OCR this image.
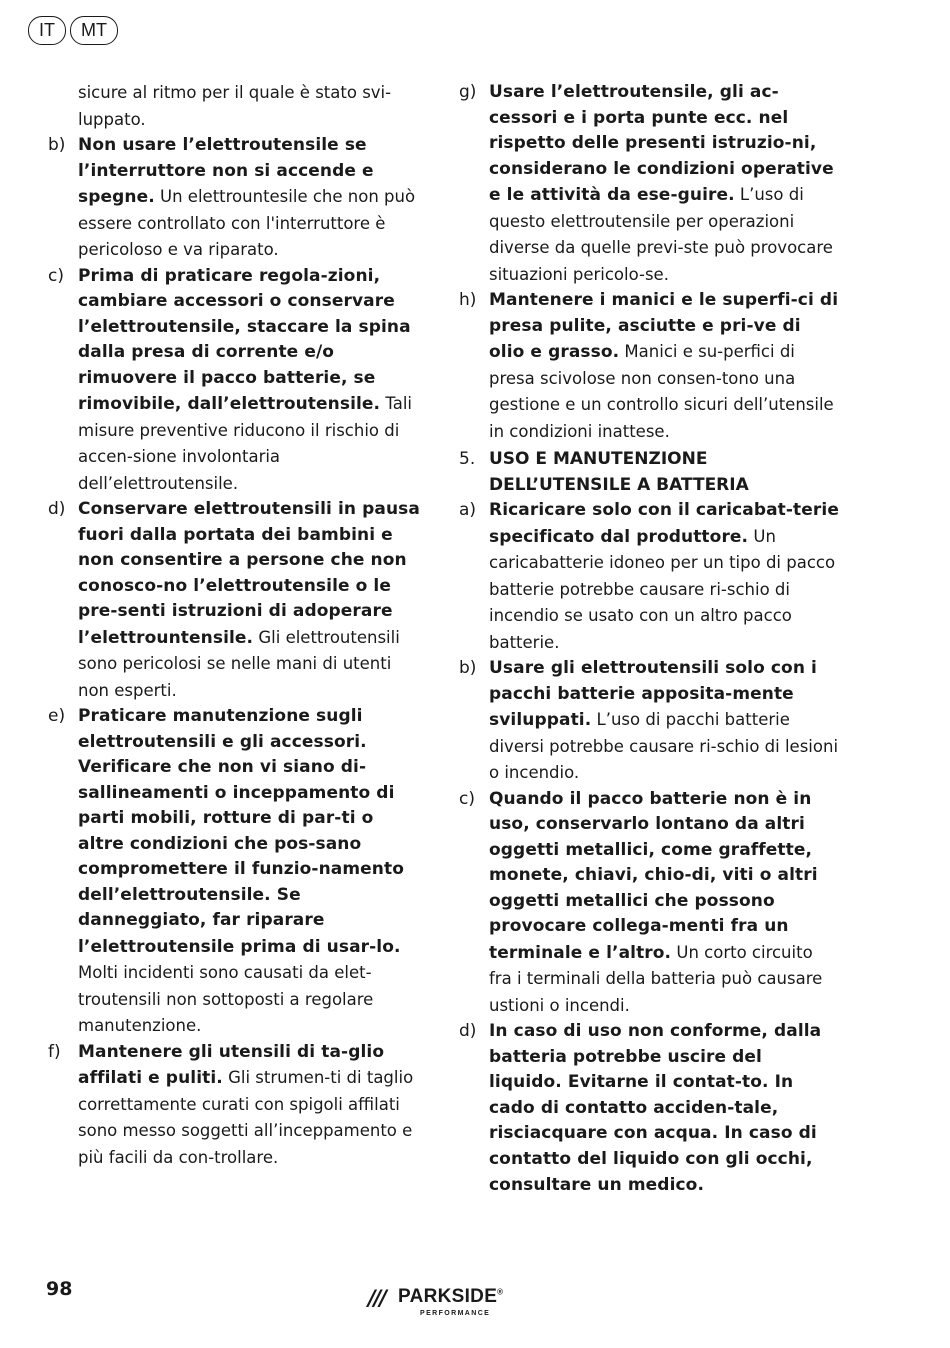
IT	MT
sicure al ritmo per il quale è stato svi-luppato.
b) Non usare l’elettroutensile se l’interruttore non si accende e spegne. Un elettrountesile che non può essere controllato con l'interruttore è pericoloso e va riparato.
c) Prima di praticare regola-zioni, cambiare accessori o conservare l’elettroutensile, staccare la spina dalla presa di corrente e/o rimuovere il pacco batterie, se rimovibile, dall’elettroutensile. Tali misure preventive riducono il rischio di accen-sione involontaria dell’elettroutensile.
d) Conservare elettroutensili in pausa fuori dalla portata dei bambini e non consentire a persone che non conosco-no l’elettroutensile o le pre-senti istruzioni di adoperare l’elettrountensile. Gli elettroutensili sono pericolosi se nelle mani di utenti non esperti.
e) Praticare manutenzione sugli elettroutensili e gli accessori. Verificare che non vi siano di-sallineamenti o inceppamento di parti mobili, rotture di par-ti o altre condizioni che pos-sano compromettere il funzio-namento dell’elettroutensile. Se danneggiato, far riparare l’elettroutensile prima di usar-lo. Molti incidenti sono causati da elet-troutensili non sottoposti a regolare manutenzione.
f) Mantenere gli utensili di ta-glio affilati e puliti. Gli strumen-ti di taglio correttamente curati con spigoli affilati sono messo soggetti all’inceppamento e più facili da con-trollare.
g) Usare l’elettroutensile, gli ac-cessori e i porta punte ecc. nel rispetto delle presenti istruzio-ni, considerano le condizioni operative e le attività da ese-guire. L’uso di questo elettroutensile per operazioni diverse da quelle previ-ste può provocare situazioni pericolo-se.
h) Mantenere i manici e le superfi-ci di presa pulite, asciutte e pri-ve di olio e grasso. Manici e su-perfici di presa scivolose non consen-tono una gestione e un controllo sicuri dell’utensile in condizioni inattese.
5. USO E MANUTENZIONE DELL’UTENSILE A BATTERIA
a) Ricaricare solo con il caricabat-terie specificato dal produttore. Un caricabatterie idoneo per un tipo di pacco batterie potrebbe causare ri-schio di incendio se usato con un altro pacco batterie.
b) Usare gli elettroutensili solo con i pacchi batterie apposita-mente sviluppati. L’uso di pacchi batterie diversi potrebbe causare ri-schio di lesioni o incendio.
c) Quando il pacco batterie non è in uso, conservarlo lontano da altri oggetti metallici, come graffette, monete, chiavi, chio-di, viti o altri oggetti metallici che possono provocare collega-menti fra un terminale e l’altro. Un corto circuito fra i terminali della batteria può causare ustioni o incendi.
d) In caso di uso non conforme, dalla batteria potrebbe uscire del liquido. Evitarne il contat-to. In cado di contatto acciden-tale, risciacquare con acqua. In caso di contatto del liquido con gli occhi, consultare un medico.
98	/// PARKSIDE®
PERFORMANCE
